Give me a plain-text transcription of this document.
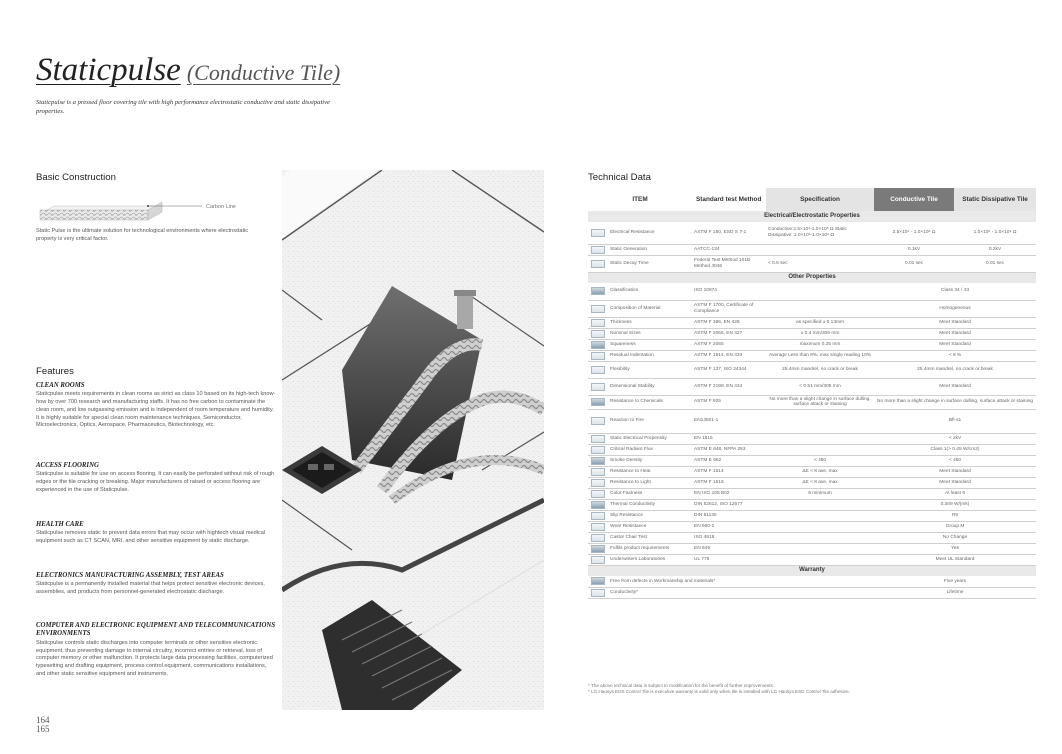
Staticpulse (Conductive Tile)
Staticpulse is a pressed floor covering tile with high performance electrostatic conductive and static dissipative properties.
Basic Construction
Carbon Line
Static Pulse is the ultimate solution for technological environments where electrostatic property is very critical factor.
Features
CLEAN ROOMS
Staticpulse meets requirements in clean rooms as strict as class 10 based on its high-tech know-how by over 700 research and manufacturing staffs. It has no free carbon to contaminate the clean room, and low outgassing emission and is independent of room temperature and humidity. It is highly suitable for special clean room maintenance techniques, Semiconductor, Microelectronics, Optics, Aerospace, Pharmaceutics, Biotechnology, etc.
ACCESS FLOORING
Staticpulse is suitable for use on access flooring. It can easily be perforated without risk of rough edges or the tile cracking or breaking. Major manufacturers of raised or access flooring are experienced in the use of Staticpulse.
HEALTH CARE
Staticpulse removes static to prevent data errors that may occur with hightech visual medical equipment such as CT SCAN, MRI, and other sensitive equipment by static discharge.
ELECTRONICS MANUFACTURING ASSEMBLY, TEST AREAS
Staticpulse is a permanently installed material that helps protect sensitive electronic devices, assemblies, and products from personnel-generated electrostatic discharge.
COMPUTER AND ELECTRONIC EQUIPMENT AND TELECOMMUNICATIONS ENVIRONMENTS
Staticpulse controls static discharges into computer terminals or other sensitive electronic equipment, thus preventing damage to internal circuitry, incorrect entries or retrieval, loss of computer memory or other malfunction. It protects large data processing facilities, computerized typesetting and drafting equipment, process control equipment, communications installations, and other static sensitive equipment and instruments.
164
165
Technical Data
ITEM		Standard test Method	Specification	Conductive Tile	Static Dissipative Tile
Electrical/Electrostatic Properties					

	Electrical Resistance	ASTM F 150, ESD S 7-1	Conductive:2.5×10⁴-1.0×10⁶ Ω Static Dissipative: 1.0×10⁶-1.0×10⁹ Ω	2.5×10⁴ - 1.0×10⁶ Ω	1.0×10⁶ - 1.0×10⁹ Ω

	Static Generation	AATCC-134		0.1kV	0.2kV

	Static Decay Time	Federal Test Method 101B Method 4046	< 0.5 sec	0.01 sec	0.01 sec
Other Properties					

	Classification	ISO 10874		Class 34 / 43	

	Composition of Material	ASTM F 1700, Certificate of Compliance		Homogeneous	

	Thickness	ASTM F 386, EN 428	as specified ± 0.13mm	Meet Standard	

	Nominal Sizes	ASTM F 2055, EN 427	± 0.4 mm/305 mm	Meet Standard	

	Squareness	ASTM F 2055	maximum 0.25 mm	Meet Standard	

	Residual Indentation	ASTM F 1914, EN 433	Average Less than 8%, max single reading 10%	< 8 %	

	Flexibility	ASTM F 137, ISO 24344	25.4mm mandrel, no crack or break	25.4mm mandrel, no crack or break	

	Dimensional Stability	ASTM F 2199, EN 434	< 0.51 mm/305 mm	Meet Standard	

	Resistance to Chemicals	ASTM F 925	No more than a slight change in surface dulling, surface attack or staining	No more than a slight change in surface dulling, surface attack or staining	

	Reaction to Fire	EN13501-1		Bfl-s1	

	Static Electrical Propensity	EN 1815		< 2kV	

	Critical Radiant Flux	ASTM E 648, NFPA 253		Class 1(> 0.45 W/cm2)	

	Smoke Density	ASTM E 662	< 450	< 450	

	Resistance to Heat	ASTM F 1514	ΔE < 8 ave, max	Meet Standard	

	Resistance to Light	ASTM F 1515	ΔE < 8 ave, max	Meet Standard	

	Color Fastness	EN ISO 105 B02	6 minimum	At least 6	

	Thermal Conductivity	DIN 52612, ISO 12677		0.309 W/(mk)	

	Slip Resistance	DIN 51130		R9	

	Wear Resistance	EN 660-2		Group M	

	Castor Chair Test	ISO 4918		No Change	

	Fulfils product requirements	EN 649		Yes	

	Underwriters Laboratories	UL 779		Meet UL Standard	
Warranty					

	Free from defects in Workmanship and materials*			Five years	

	Conductivity*			Lifetime	
* The above technical data is subject to modification for the benefit of further improvements.
* LG Hausys EDS Control Tile is executive warranty is valid only when tile is installed with LG Hausys ESD Control Tile adhesive.
